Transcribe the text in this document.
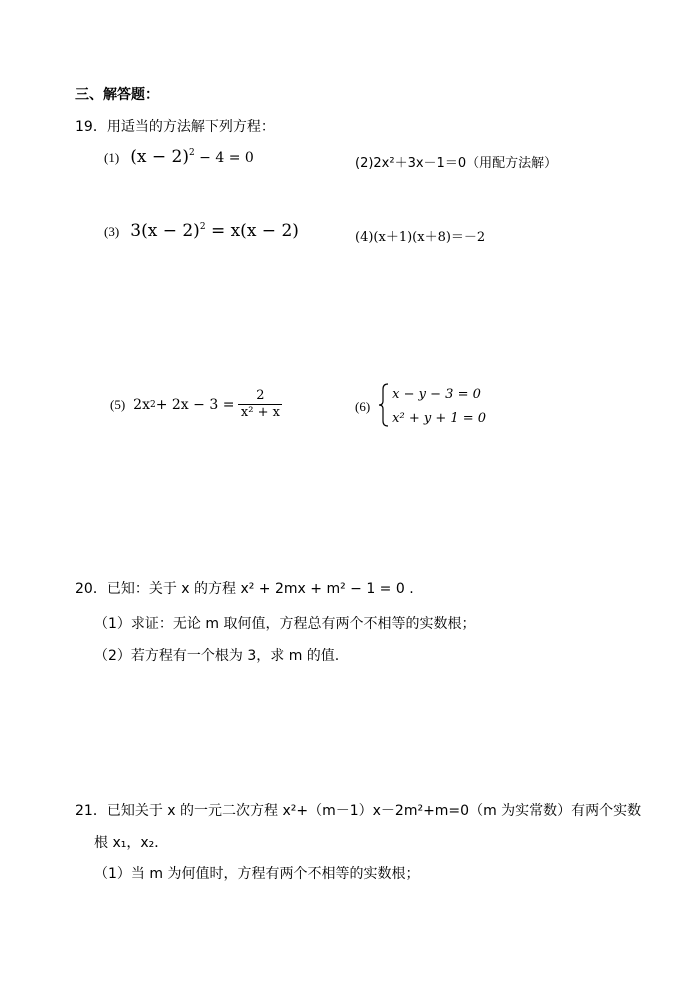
三、解答题：
19．用适当的方法解下列方程：
(1) $(x - 2)^2 - 4 = 0$	(2)2x²＋3x－1＝0（用配方法解）
(3) $3(x - 2)^2 = x(x - 2)$	(4)(x＋1)(x＋8)＝－2
(5) 2x $2 + 2x - 3 = \frac{2}{\text{x² + x}}$	(6)
x − y − 3 = 0
x² + y + 1 = 0
20．已知：关于 x 的方程 x² + 2mx + m² − 1 = 0 .
（1）求证：无论 m 取何值，方程总有两个不相等的实数根；
（2）若方程有一个根为 3，求 m 的值.
21．已知关于 x 的一元二次方程 x²+（m－1）x－2m²+m=0（m 为实常数）有两个实数
根 x₁，x₂．
（1）当 m 为何值时，方程有两个不相等的实数根；
